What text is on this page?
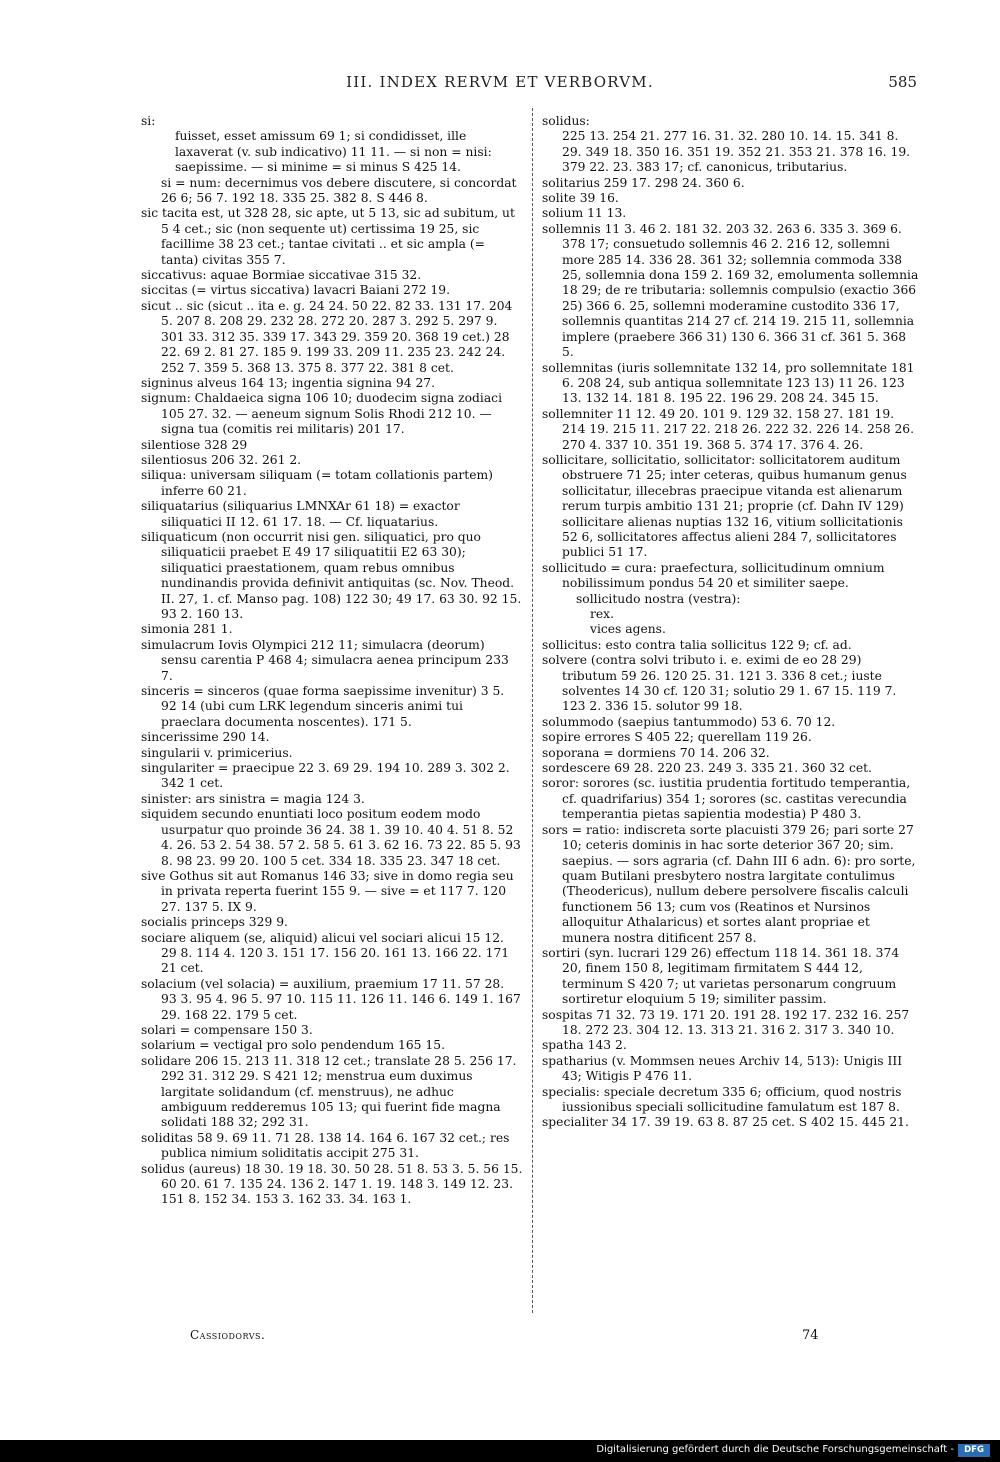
III. INDEX RERVM ET VERBORVM.	585

si:

fuisset, esset amissum 69 1; si condidisset, ille laxaverat (v. sub indicativo) 11 11. — si non = nisi: saepissime. — si minime = si minus S 425 14.

si = num: decernimus vos debere discutere, si concordat 26 6; 56 7. 192 18. 335 25. 382 8. S 446 8.

sic tacita est, ut 328 28, sic apte, ut 5 13, sic ad subitum, ut 5 4 cet.; sic (non sequente ut) certissima 19 25, sic facillime 38 23 cet.; tantae civitati .. et sic ampla (= tanta) civitas 355 7.

siccativus: aquae Bormiae siccativae 315 32.

siccitas (= virtus siccativa) lavacri Baiani 272 19.

sicut .. sic (sicut .. ita e. g. 24 24. 50 22. 82 33. 131 17. 204 5. 207 8. 208 29. 232 28. 272 20. 287 3. 292 5. 297 9. 301 33. 312 35. 339 17. 343 29. 359 20. 368 19 cet.) 28 22. 69 2. 81 27. 185 9. 199 33. 209 11. 235 23. 242 24. 252 7. 359 5. 368 13. 375 8. 377 22. 381 8 cet.

signinus alveus 164 13; ingentia signina 94 27.

signum: Chaldaeica signa 106 10; duodecim signa zodiaci 105 27. 32. — aeneum signum Solis Rhodi 212 10. — signa tua (comitis rei militaris) 201 17.

silentiose 328 29

silentiosus 206 32. 261 2.

siliqua: universam siliquam (= totam collationis partem) inferre 60 21.

siliquatarius (siliquarius LMNXAr 61 18) = exactor siliquatici II 12. 61 17. 18. — Cf. liquatarius.

siliquaticum (non occurrit nisi gen. siliquatici, pro quo siliquaticii praebet E 49 17 siliquatitii E2 63 30); siliquatici praestationem, quam rebus omnibus nundinandis provida definivit antiquitas (sc. Nov. Theod. II. 27, 1. cf. Manso pag. 108) 122 30; 49 17. 63 30. 92 15. 93 2. 160 13.

simonia 281 1.

simulacrum Iovis Olympici 212 11; simulacra (deorum) sensu carentia P 468 4; simulacra aenea principum 233 7.

sinceris = sinceros (quae forma saepissime invenitur) 3 5. 92 14 (ubi cum LRK legendum sinceris animi tui praeclara documenta noscentes). 171 5.

sincerissime 290 14.

singularii v. primicerius.

singulariter = praecipue 22 3. 69 29. 194 10. 289 3. 302 2. 342 1 cet.

sinister: ars sinistra = magia 124 3.

siquidem secundo enuntiati loco positum eodem modo usurpatur quo proinde 36 24. 38 1. 39 10. 40 4. 51 8. 52 4. 26. 53 2. 54 38. 57 2. 58 5. 61 3. 62 16. 73 22. 85 5. 93 8. 98 23. 99 20. 100 5 cet. 334 18. 335 23. 347 18 cet.

sive Gothus sit aut Romanus 146 33; sive in domo regia seu in privata reperta fuerint 155 9. — sive = et 117 7. 120 27. 137 5. IX 9.

socialis princeps 329 9.

sociare aliquem (se, aliquid) alicui vel sociari alicui 15 12. 29 8. 114 4. 120 3. 151 17. 156 20. 161 13. 166 22. 171 21 cet.

solacium (vel solacia) = auxilium, praemium 17 11. 57 28. 93 3. 95 4. 96 5. 97 10. 115 11. 126 11. 146 6. 149 1. 167 29. 168 22. 179 5 cet.

solari = compensare 150 3.

solarium = vectigal pro solo pendendum 165 15.

solidare 206 15. 213 11. 318 12 cet.; translate 28 5. 256 17. 292 31. 312 29. S 421 12; menstrua eum duximus largitate solidandum (cf. menstruus), ne adhuc ambiguum redderemus 105 13; qui fuerint fide magna solidati 188 32; 292 31.

soliditas 58 9. 69 11. 71 28. 138 14. 164 6. 167 32 cet.; res publica nimium soliditatis accipit 275 31.

solidus (aureus) 18 30. 19 18. 30. 50 28. 51 8. 53 3. 5. 56 15. 60 20. 61 7. 135 24. 136 2. 147 1. 19. 148 3. 149 12. 23. 151 8. 152 34. 153 3. 162 33. 34. 163 1.

solidus:

225 13. 254 21. 277 16. 31. 32. 280 10. 14. 15. 341 8. 29. 349 18. 350 16. 351 19. 352 21. 353 21. 378 16. 19. 379 22. 23. 383 17; cf. canonicus, tributarius.

solitarius 259 17. 298 24. 360 6.

solite 39 16.

solium 11 13.

sollemnis 11 3. 46 2. 181 32. 203 32. 263 6. 335 3. 369 6. 378 17; consuetudo sollemnis 46 2. 216 12, sollemni more 285 14. 336 28. 361 32; sollemnia commoda 338 25, sollemnia dona 159 2. 169 32, emolumenta sollemnia 18 29; de re tributaria: sollemnis compulsio (exactio 366 25) 366 6. 25, sollemni moderamine custodito 336 17, sollemnis quantitas 214 27 cf. 214 19. 215 11, sollemnia implere (praebere 366 31) 130 6. 366 31 cf. 361 5. 368 5.

sollemnitas (iuris sollemnitate 132 14, pro sollemnitate 181 6. 208 24, sub antiqua sollemnitate 123 13) 11 26. 123 13. 132 14. 181 8. 195 22. 196 29. 208 24. 345 15.

sollemniter 11 12. 49 20. 101 9. 129 32. 158 27. 181 19. 214 19. 215 11. 217 22. 218 26. 222 32. 226 14. 258 26. 270 4. 337 10. 351 19. 368 5. 374 17. 376 4. 26.

sollicitare, sollicitatio, sollicitator: sollicitatorem auditum obstruere 71 25; inter ceteras, quibus humanum genus sollicitatur, illecebras praecipue vitanda est alienarum rerum turpis ambitio 131 21; proprie (cf. Dahn IV 129) sollicitare alienas nuptias 132 16, vitium sollicitationis 52 6, sollicitatores affectus alieni 284 7, sollicitatores publici 51 17.

sollicitudo = cura: praefectura, sollicitudinum omnium nobilissimum pondus 54 20 et similiter saepe.

sollicitudo nostra (vestra):

rex.

vices agens.

sollicitus: esto contra talia sollicitus 122 9; cf. ad.

solvere (contra solvi tributo i. e. eximi de eo 28 29) tributum 59 26. 120 25. 31. 121 3. 336 8 cet.; iuste solventes 14 30 cf. 120 31; solutio 29 1. 67 15. 119 7. 123 2. 336 15. solutor 99 18.

solummodo (saepius tantummodo) 53 6. 70 12.

sopire errores S 405 22; querellam 119 26.

soporana = dormiens 70 14. 206 32.

sordescere 69 28. 220 23. 249 3. 335 21. 360 32 cet.

soror: sorores (sc. iustitia prudentia fortitudo temperantia, cf. quadrifarius) 354 1; sorores (sc. castitas verecundia temperantia pietas sapientia modestia) P 480 3.

sors = ratio: indiscreta sorte placuisti 379 26; pari sorte 27 10; ceteris dominis in hac sorte deterior 367 20; sim. saepius. — sors agraria (cf. Dahn III 6 adn. 6): pro sorte, quam Butilani presbytero nostra largitate contulimus (Theodericus), nullum debere persolvere fiscalis calculi functionem 56 13; cum vos (Reatinos et Nursinos alloquitur Athalaricus) et sortes alant propriae et munera nostra ditificent 257 8.

sortiri (syn. lucrari 129 26) effectum 118 14. 361 18. 374 20, finem 150 8, legitimam firmitatem S 444 12, terminum S 420 7; ut varietas personarum congruum sortiretur eloquium 5 19; similiter passim.

sospitas 71 32. 73 19. 171 20. 191 28. 192 17. 232 16. 257 18. 272 23. 304 12. 13. 313 21. 316 2. 317 3. 340 10.

spatha 143 2.

spatharius (v. Mommsen neues Archiv 14, 513): Unigis III 43; Witigis P 476 11.

specialis: speciale decretum 335 6; officium, quod nostris iussionibus speciali sollicitudine famulatum est 187 8.

specialiter 34 17. 39 19. 63 8. 87 25 cet. S 402 15. 445 21.

Cassiodorvs.	74
Digitalisierung gefördert durch die Deutsche Forschungsgemeinschaft -	DFG
